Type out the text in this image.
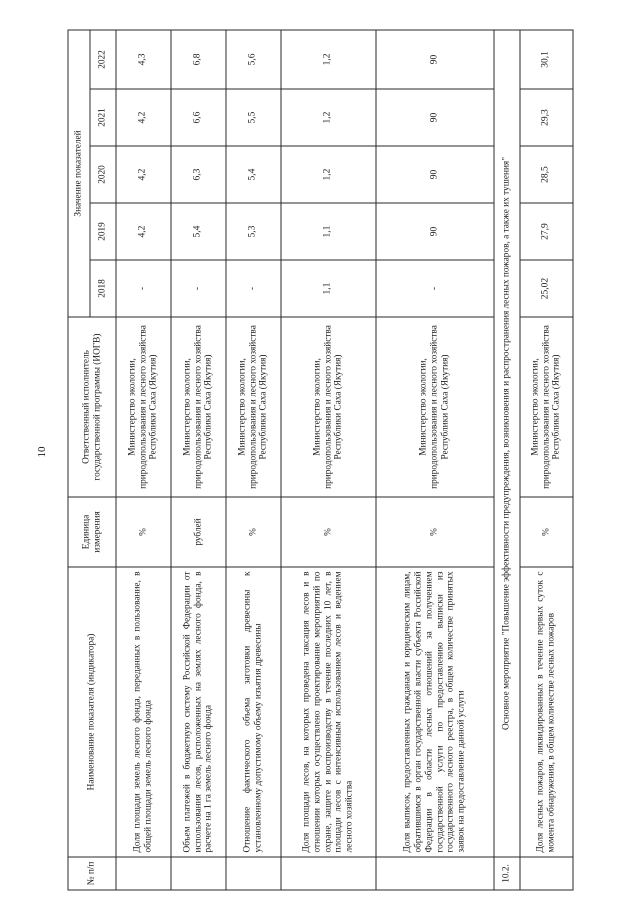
10
№ п/п	Наименование показателя (индикатора)	Единица измерения	Ответственный исполнитель государственной программы (ИОГВ)	Значение показателей				
				2018	2019	2020	2021	2022
	Доля площади земель лесного фонда, переданных в пользование, в общей площади земель лесного фонда	%	Министерство экологии, природопользования и лесного хозяйства Республики Саха (Якутия)	-	4,2	4,2	4,2	4,3
	Объем платежей в бюджетную систему Российской Федерации от использования лесов, расположенных на землях лесного фонда, в расчете на 1 га земель лесного фонда	рублей	Министерство экологии, природопользования и лесного хозяйства Республики Саха (Якутия)	-	5,4	6,3	6,6	6,8
	Отношение фактического объема заготовки древесины к установленному допустимому объему изъятия древесины	%	Министерство экологии, природопользования и лесного хозяйства Республики Саха (Якутия)	-	5,3	5,4	5,5	5,6
	Доля площади лесов, на которых проведена таксация лесов и в отношении которых осуществлено проектирование мероприятий по охране, защите и воспроизводству в течение последних 10 лет, в площади лесов с интенсивным использованием лесов и ведением лесного хозяйства	%	Министерство экологии, природопользования и лесного хозяйства Республики Саха (Якутия)	1,1	1,1	1,2	1,2	1,2
	Доля выписок, предоставленных гражданам и юридическим лицам, обратившимся в орган государственной власти субъекта Российской Федерации в области лесных отношений за получением государственной услуги по предоставлению выписки из государственного лесного реестра, в общем количестве принятых заявок на предоставление данной услуги	%	Министерство экологии, природопользования и лесного хозяйства Республики Саха (Якутия)	-	90	90	90	90
10.2.	Основное мероприятие "Повышение эффективности предупреждения, возникновения и распространения лесных пожаров, а также их тушения"							
	Доля лесных пожаров, ликвидированных в течение первых суток с момента обнаружения, в общем количестве лесных пожаров	%	Министерство экологии, природопользования и лесного хозяйства Республики Саха (Якутия)	25,02	27,9	28,5	29,3	30,1
